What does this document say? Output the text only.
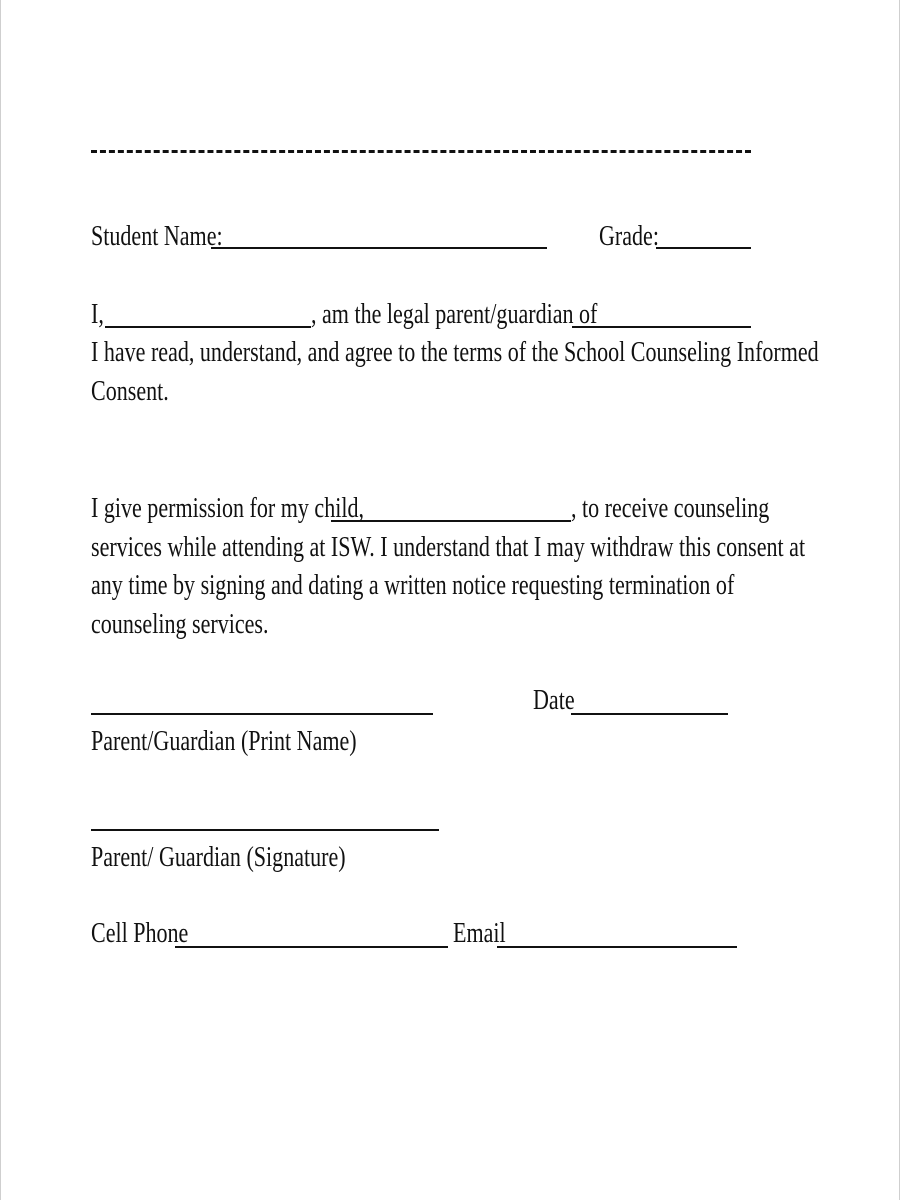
Student Name:	Grade:
I,	, am the legal parent/guardian of
I have read, understand, and agree to the terms of the School Counseling Informed
Consent.
I give permission for my child,	, to receive counseling
services while attending at ISW. I understand that I may withdraw this consent at
any time by signing and dating a written notice requesting termination of
counseling services.
Date
Parent/Guardian (Print Name)
Parent/ Guardian (Signature)
Cell Phone	Email
